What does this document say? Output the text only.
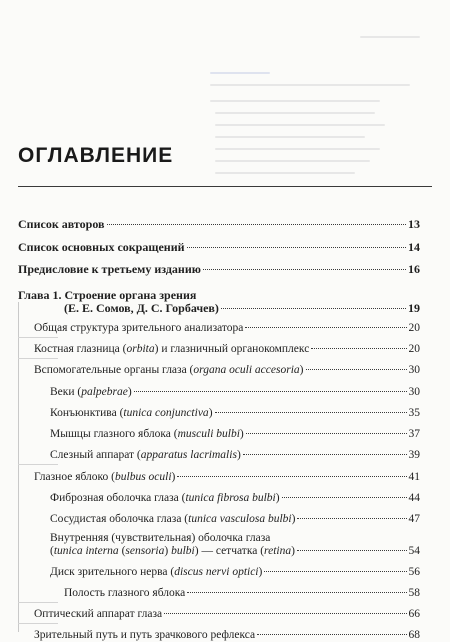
ОГЛАВЛЕНИЕ
Список авторов	13
Список основных сокращений	14
Предисловие к третьему изданию	16
Глава 1. Строение органа зрения
(Е. Е. Сомов, Д. С. Горбачев)	19
Общая структура зрительного анализатора	20
Костная глазница (orbita) и глазничный органокомплекс	20
Вспомогательные органы глаза (organa oculi accesoria)	30
Веки (palpebrae)	30
Конъюнктива (tunica conjunctiva)	35
Мышцы глазного яблока (musculi bulbi)	37
Слезный аппарат (apparatus lacrimalis)	39
Глазное яблоко (bulbus oculi)	41
Фиброзная оболочка глаза (tunica fibrosa bulbi)	44
Сосудистая оболочка глаза (tunica vasculosa bulbi)	47
Внутренняя (чувствительная) оболочка глаза
(tunica interna (sensoria) bulbi) — сетчатка (retina)	54
Диск зрительного нерва (discus nervi optici)	56
Полость глазного яблока	58
Оптический аппарат глаза	66
Зрительный путь и путь зрачкового рефлекса	68
